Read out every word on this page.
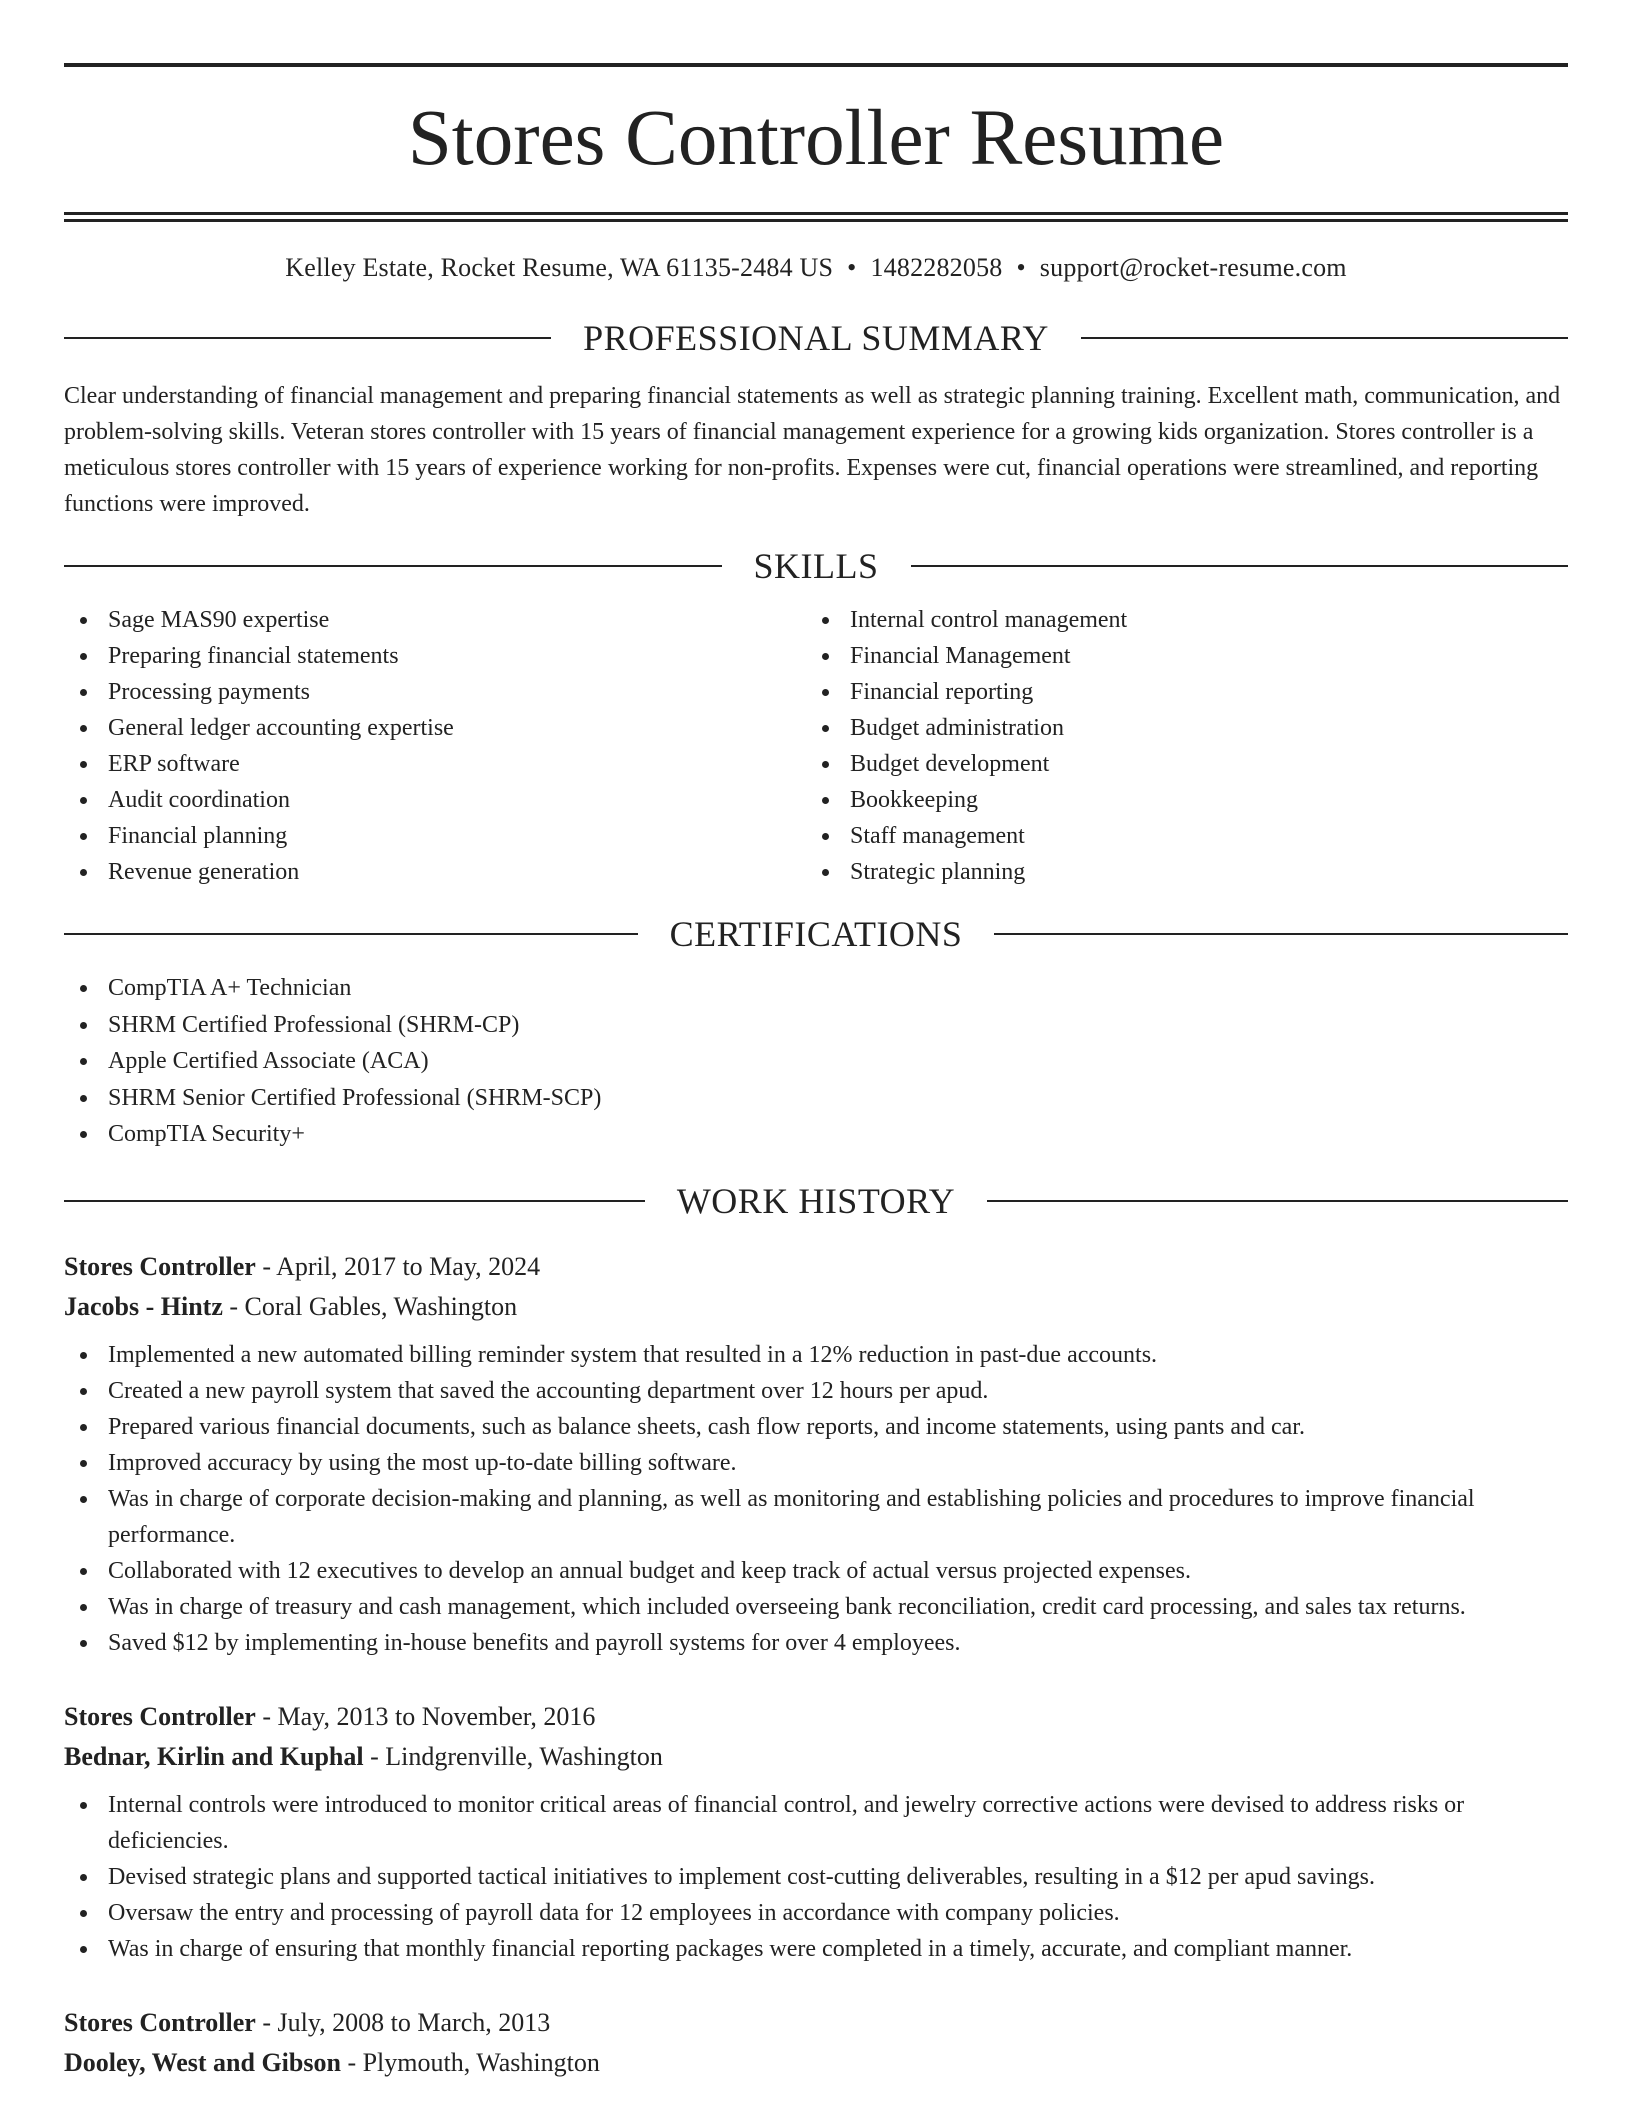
Stores Controller Resume
Kelley Estate, Rocket Resume, WA 61135-2484 US • 1482282058 • support@rocket-resume.com
PROFESSIONAL SUMMARY
Clear understanding of financial management and preparing financial statements as well as strategic planning training. Excellent math, communication, and problem-solving skills. Veteran stores controller with 15 years of financial management experience for a growing kids organization. Stores controller is a meticulous stores controller with 15 years of experience working for non-profits. Expenses were cut, financial operations were streamlined, and reporting functions were improved.
SKILLS
Sage MAS90 expertise
Preparing financial statements
Processing payments
General ledger accounting expertise
ERP software
Audit coordination
Financial planning
Revenue generation
Internal control management
Financial Management
Financial reporting
Budget administration
Budget development
Bookkeeping
Staff management
Strategic planning
CERTIFICATIONS
CompTIA A+ Technician
SHRM Certified Professional (SHRM-CP)
Apple Certified Associate (ACA)
SHRM Senior Certified Professional (SHRM-SCP)
CompTIA Security+
WORK HISTORY
Stores Controller - April, 2017 to May, 2024
Jacobs - Hintz - Coral Gables, Washington
Implemented a new automated billing reminder system that resulted in a 12% reduction in past-due accounts.
Created a new payroll system that saved the accounting department over 12 hours per apud.
Prepared various financial documents, such as balance sheets, cash flow reports, and income statements, using pants and car.
Improved accuracy by using the most up-to-date billing software.
Was in charge of corporate decision-making and planning, as well as monitoring and establishing policies and procedures to improve financial performance.
Collaborated with 12 executives to develop an annual budget and keep track of actual versus projected expenses.
Was in charge of treasury and cash management, which included overseeing bank reconciliation, credit card processing, and sales tax returns.
Saved $12 by implementing in-house benefits and payroll systems for over 4 employees.
Stores Controller - May, 2013 to November, 2016
Bednar, Kirlin and Kuphal - Lindgrenville, Washington
Internal controls were introduced to monitor critical areas of financial control, and jewelry corrective actions were devised to address risks or deficiencies.
Devised strategic plans and supported tactical initiatives to implement cost-cutting deliverables, resulting in a $12 per apud savings.
Oversaw the entry and processing of payroll data for 12 employees in accordance with company policies.
Was in charge of ensuring that monthly financial reporting packages were completed in a timely, accurate, and compliant manner.
Stores Controller - July, 2008 to March, 2013
Dooley, West and Gibson - Plymouth, Washington
